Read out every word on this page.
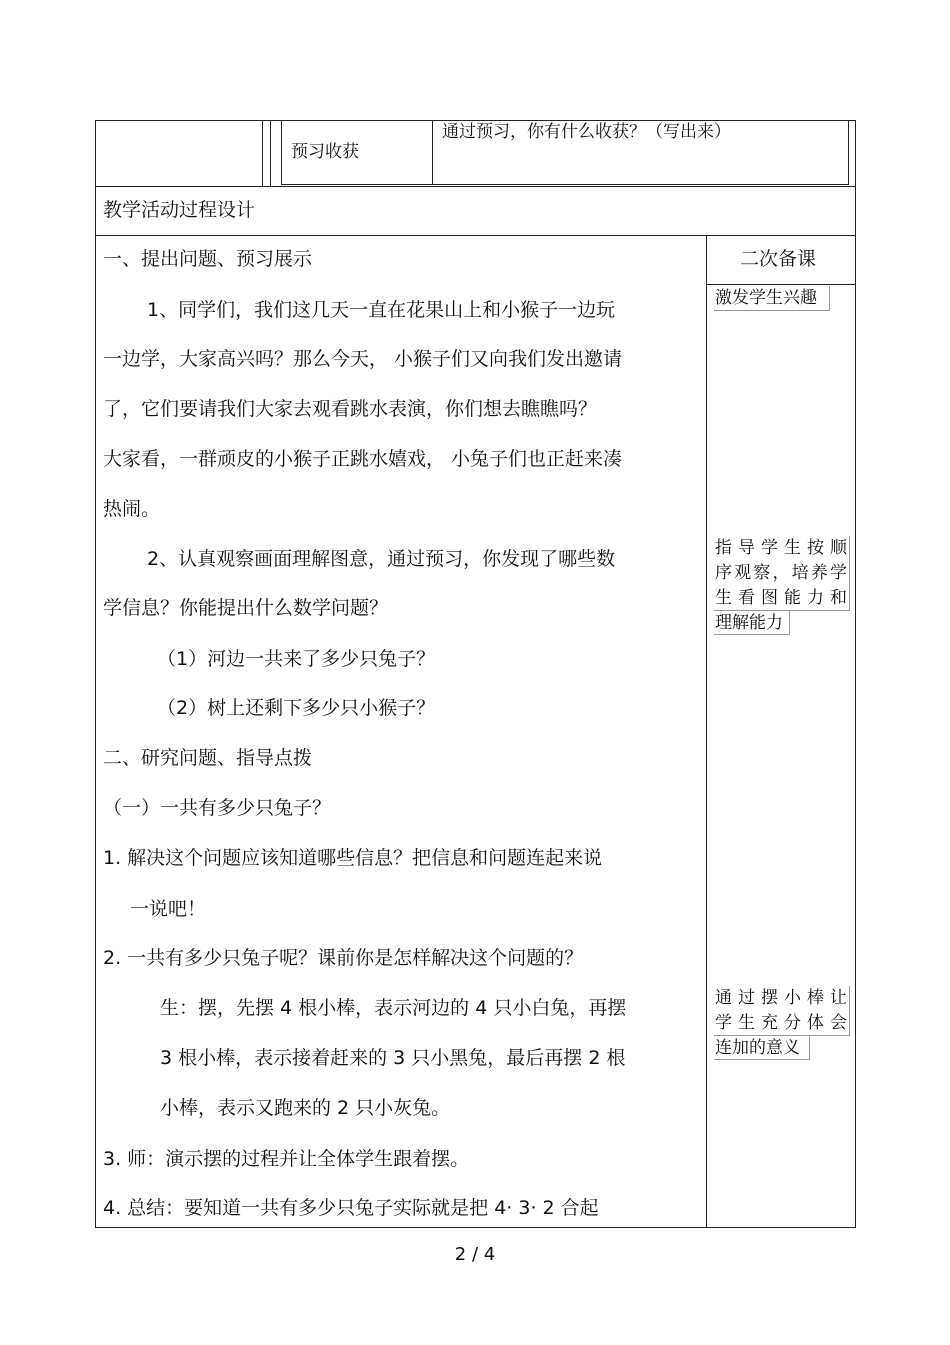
预习收获
通过预习，你有什么收获？（写出来）
教学活动过程设计
二次备课
一、提出问题、预习展示
1、同学们，我们这几天一直在花果山上和小猴子一边玩
一边学，大家高兴吗？那么今天， 小猴子们又向我们发出邀请
了，它们要请我们大家去观看跳水表演，你们想去瞧瞧吗？
大家看，一群顽皮的小猴子正跳水嬉戏， 小兔子们也正赶来凑
热闹。
2、认真观察画面理解图意，通过预习，你发现了哪些数
学信息？你能提出什么数学问题？
（1）河边一共来了多少只兔子？
（2）树上还剩下多少只小猴子？
二、研究问题、指导点拨
（一）一共有多少只兔子？
1. 解决这个问题应该知道哪些信息？把信息和问题连起来说
一说吧！
2. 一共有多少只兔子呢？课前你是怎样解决这个问题的？
生：摆，先摆 4 根小棒，表示河边的 4 只小白兔，再摆
3 根小棒，表示接着赶来的 3 只小黑兔，最后再摆 2 根
小棒，表示又跑来的 2 只小灰兔。
3. 师：演示摆的过程并让全体学生跟着摆。
4. 总结：要知道一共有多少只兔子实际就是把 4· 3· 2 合起
激发学生兴趣
指导学生按顺
序观察，培养学
生看图能力和
理解能力
通过摆小棒让
学生充分体会
连加的意义
2 / 4
